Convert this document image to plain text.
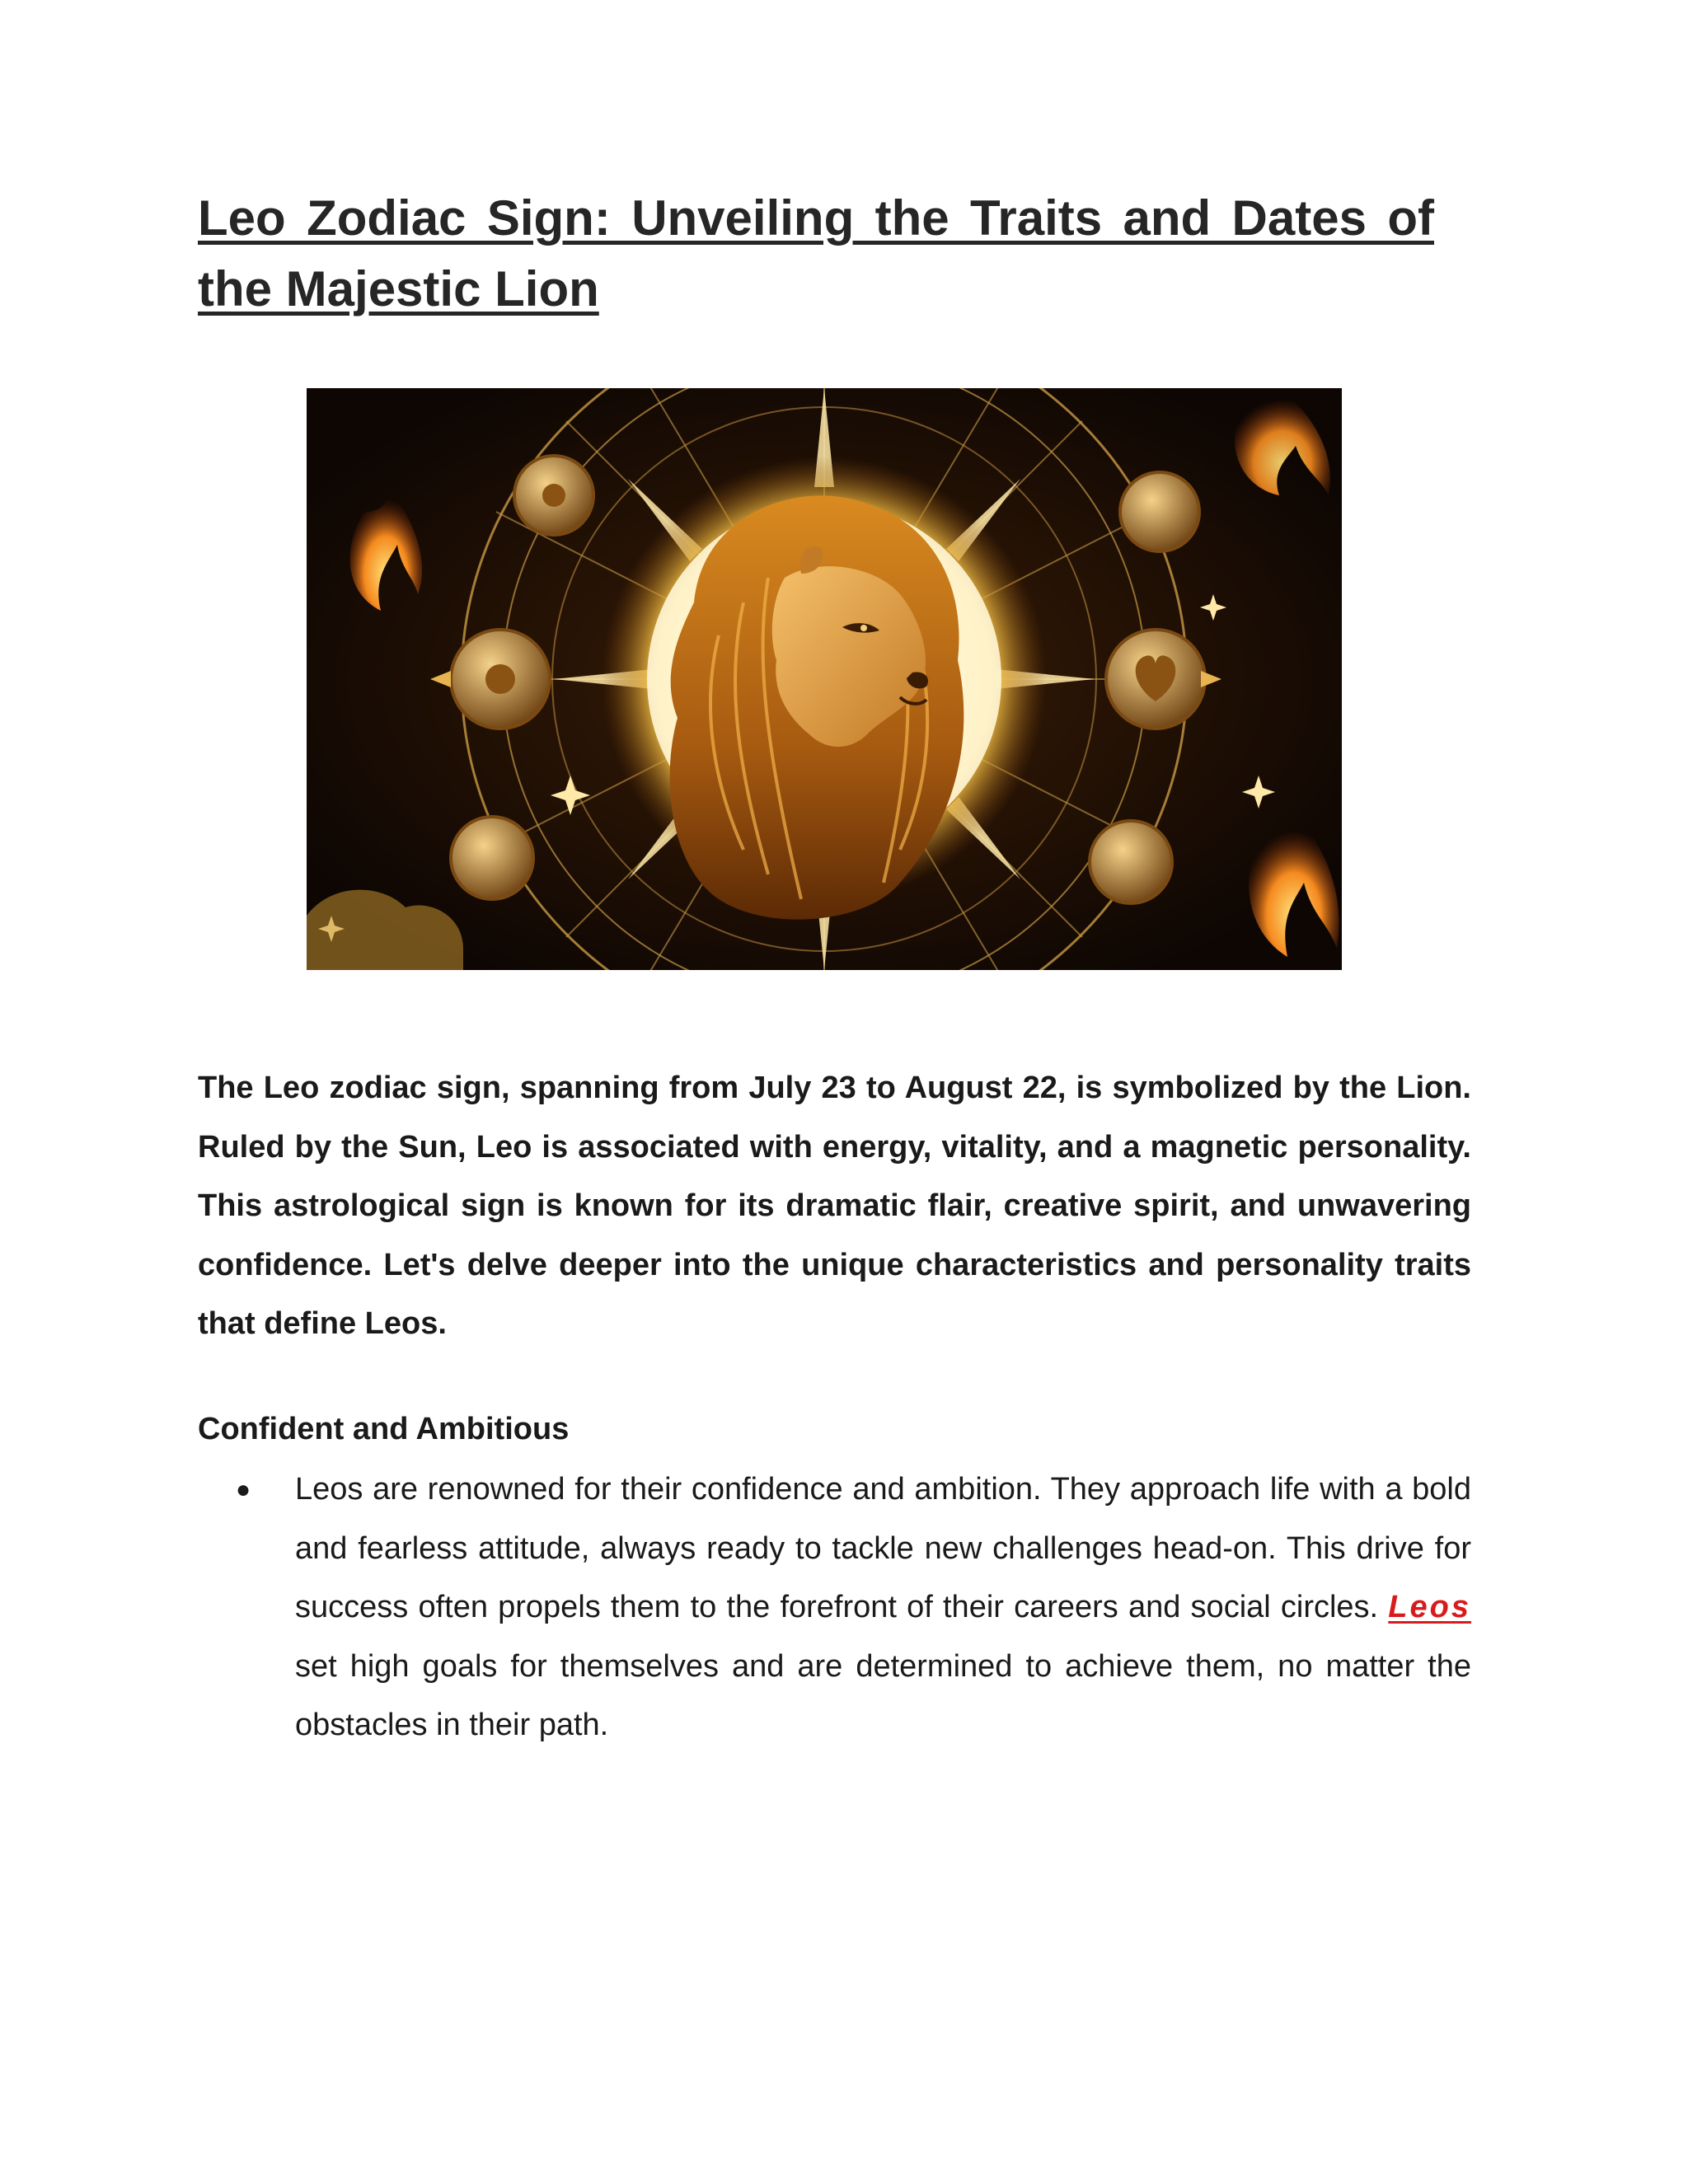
Leo Zodiac Sign: Unveiling the Traits and Dates of the Majestic Lion

The Leo zodiac sign, spanning from July 23 to August 22, is symbolized by the Lion. Ruled by the Sun, Leo is associated with energy, vitality, and a magnetic personality. This astrological sign is known for its dramatic flair, creative spirit, and unwavering confidence. Let's delve deeper into the unique characteristics and personality traits that define Leos.

Confident and Ambitious
● Leos are renowned for their confidence and ambition. They approach life with a bold and fearless attitude, always ready to tackle new challenges head-on. This drive for success often propels them to the forefront of their careers and social circles. Leos set high goals for themselves and are determined to achieve them, no matter the obstacles in their path.
